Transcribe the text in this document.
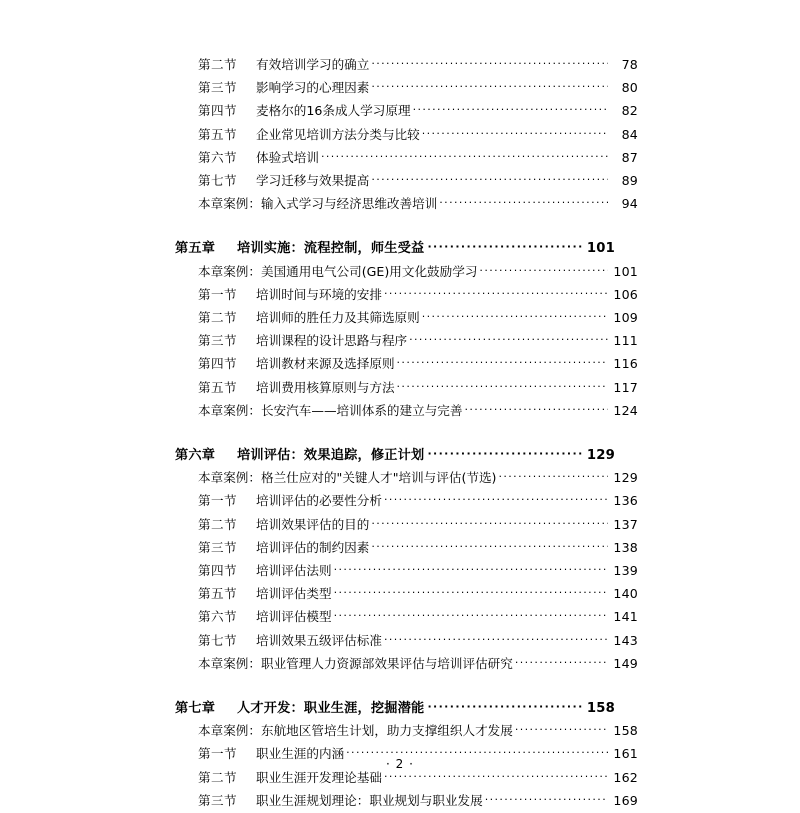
第二节	有效培训学习的确立 ·····	78
第三节	影响学习的心理因素 ·····	80
第四节	麦格尔的16条成人学习原理 ·····	82
第五节	企业常见培训方法分类与比较 ·····	84
第六节	体验式培训 ·····	87
第七节	学习迁移与效果提高 ·····	89
本章案例：输入式学习与经济思维改善培训 ·····	94
第五章	培训实施：流程控制，师生受益 ·····	101
本章案例：美国通用电气公司(GE)用文化鼓励学习 ·····	101
第一节	培训时间与环境的安排 ·····	106
第二节	培训师的胜任力及其筛选原则 ·····	109
第三节	培训课程的设计思路与程序 ·····	111
第四节	培训教材来源及选择原则 ·····	116
第五节	培训费用核算原则与方法 ·····	117
本章案例：长安汽车——培训体系的建立与完善 ·····	124
第六章	培训评估：效果追踪，修正计划 ·····	129
本章案例：格兰仕应对的"关键人才"培训与评估(节选) ·····	129
第一节	培训评估的必要性分析 ·····	136
第二节	培训效果评估的目的 ·····	137
第三节	培训评估的制约因素 ·····	138
第四节	培训评估法则 ·····	139
第五节	培训评估类型 ·····	140
第六节	培训评估模型 ·····	141
第七节	培训效果五级评估标准 ·····	143
本章案例：职业管理人力资源部效果评估与培训评估研究 ·····	149
第七章	人才开发：职业生涯，挖掘潜能 ·····	158
本章案例：东航地区管培生计划，助力支撑组织人才发展 ·····	158
第一节	职业生涯的内涵 ·····	161
第二节	职业生涯开发理论基础 ·····	162
第三节	职业生涯规划理论：职业规划与职业发展 ·····	169
· 2 ·
